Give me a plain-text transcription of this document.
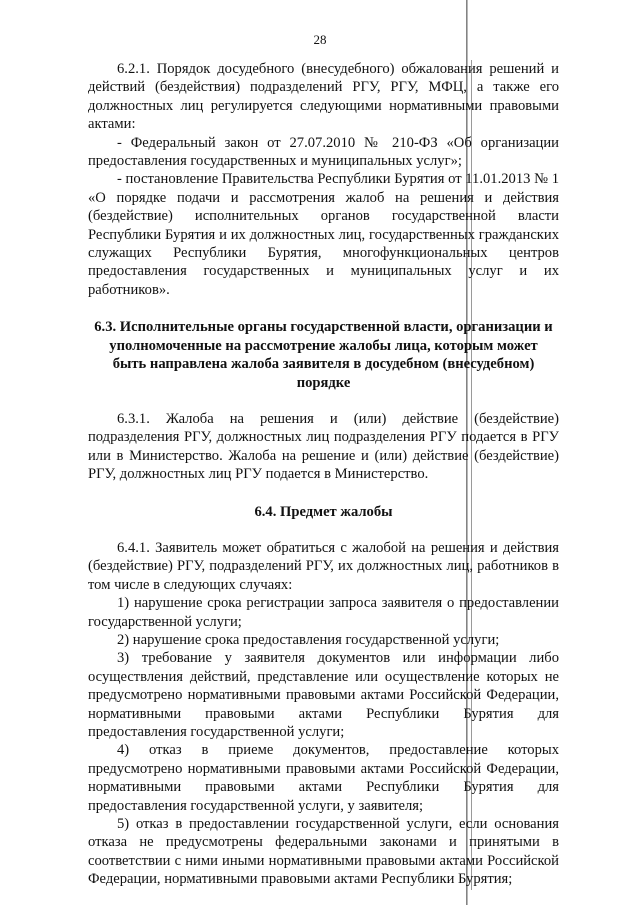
28

6.2.1. Порядок досудебного (внесудебного) обжалования решений и действий (бездействия) подразделений РГУ, РГУ, МФЦ, а также его должностных лиц регулируется следующими нормативными правовыми актами:

- Федеральный закон от 27.07.2010 № 210-ФЗ «Об организации предоставления государственных и муниципальных услуг»;

- постановление Правительства Республики Бурятия от 11.01.2013 № 1 «О порядке подачи и рассмотрения жалоб на решения и действия (бездействие) исполнительных органов государственной власти Республики Бурятия и их должностных лиц, государственных гражданских служащих Республики Бурятия, многофункциональных центров предоставления государственных и муниципальных услуг и их работников».

6.3. Исполнительные органы государственной власти, организации и уполномоченные на рассмотрение жалобы лица, которым может быть направлена жалоба заявителя в досудебном (внесудебном) порядке

6.3.1. Жалоба на решения и (или) действие (бездействие) подразделения РГУ, должностных лиц подразделения РГУ подается в РГУ или в Министерство. Жалоба на решение и (или) действие (бездействие) РГУ, должностных лиц РГУ подается в Министерство.

6.4. Предмет жалобы

6.4.1. Заявитель может обратиться с жалобой на решения и действия (бездействие) РГУ, подразделений РГУ, их должностных лиц, работников в том числе в следующих случаях:

1) нарушение срока регистрации запроса заявителя о предоставлении государственной услуги;

2) нарушение срока предоставления государственной услуги;

3) требование у заявителя документов или информации либо осуществления действий, представление или осуществление которых не предусмотрено нормативными правовыми актами Российской Федерации, нормативными правовыми актами Республики Бурятия для предоставления государственной услуги;

4) отказ в приеме документов, предоставление которых предусмотрено нормативными правовыми актами Российской Федерации, нормативными правовыми актами Республики Бурятия для предоставления государственной услуги, у заявителя;

5) отказ в предоставлении государственной услуги, если основания отказа не предусмотрены федеральными законами и принятыми в соответствии с ними иными нормативными правовыми актами Российской Федерации, нормативными правовыми актами Республики Бурятия;
